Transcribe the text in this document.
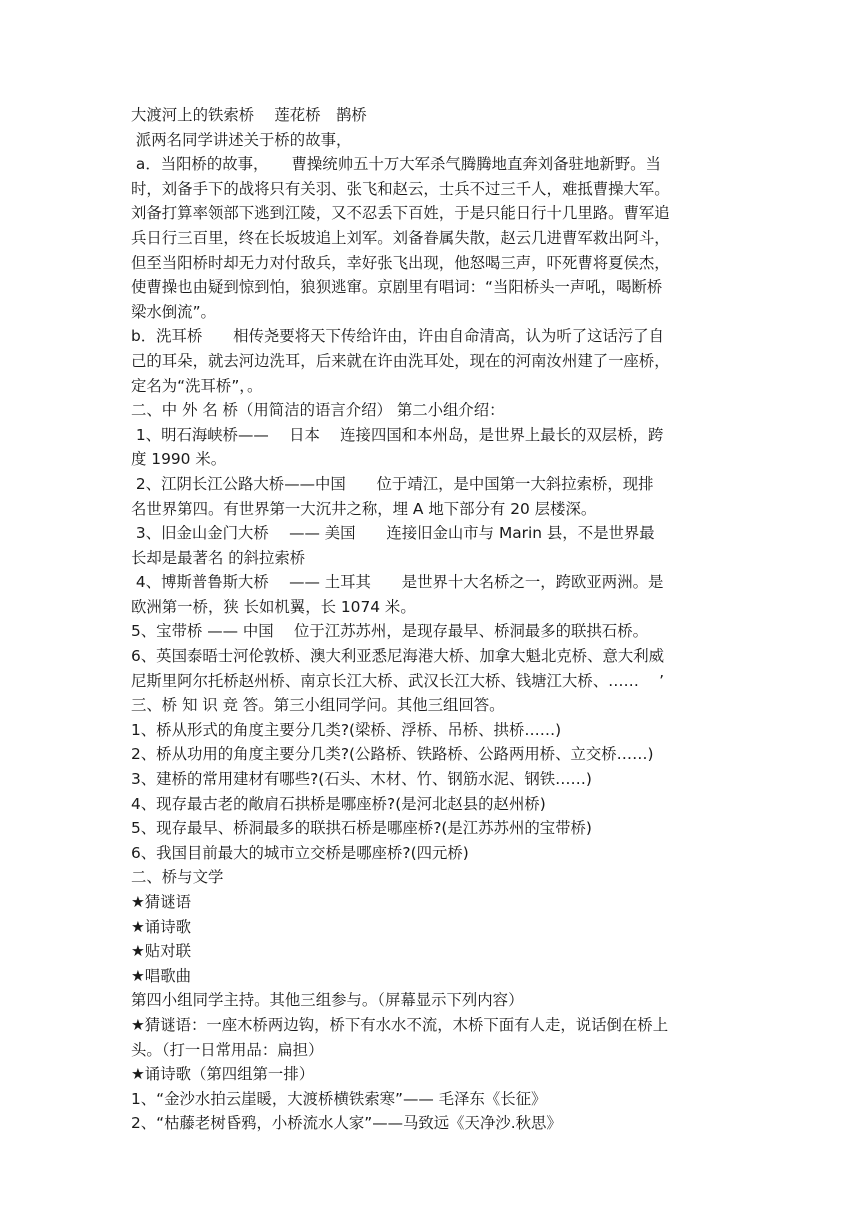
大渡河上的铁索桥　 莲花桥　鹊桥
派两名同学讲述关于桥的故事，
a．当阳桥的故事，　　曹操统帅五十万大军杀气腾腾地直奔刘备驻地新野。当
时，刘备手下的战将只有关羽、张飞和赵云，士兵不过三千人，难抵曹操大军。
刘备打算率领部下逃到江陵，又不忍丢下百姓，于是只能日行十几里路。曹军追
兵日行三百里，终在长坂坡追上刘军。刘备眷属失散，赵云几进曹军救出阿斗，
但至当阳桥时却无力对付敌兵，幸好张飞出现，他怒喝三声，吓死曹将夏侯杰，
使曹操也由疑到惊到怕，狼狈逃窜。京剧里有唱词：“当阳桥头一声吼，喝断桥
梁水倒流”。
b．洗耳桥　　相传尧要将天下传给许由，许由自命清高，认为听了这话污了自
己的耳朵，就去河边洗耳，后来就在许由洗耳处，现在的河南汝州建了一座桥，
定名为“洗耳桥”，。
二、中 外 名 桥（用简洁的语言介绍） 第二小组介绍：
1、明石海峡桥——　 日本　 连接四国和本州岛，是世界上最长的双层桥，跨
度 1990 米。
2、江阴长江公路大桥——中国　　位于靖江，是中国第一大斜拉索桥，现排
名世界第四。有世界第一大沉井之称，埋 A 地下部分有 20 层楼深。
3、旧金山金门大桥　 —— 美国　　连接旧金山市与 Marin 县，不是世界最
长却是最著名 的斜拉索桥
4、博斯普鲁斯大桥　 —— 土耳其　　是世界十大名桥之一，跨欧亚两洲。是
欧洲第一桥，狭 长如机翼，长 1074 米。
5、宝带桥 —— 中国　 位于江苏苏州，是现存最早、桥洞最多的联拱石桥。
6、英国泰晤士河伦敦桥、澳大利亚悉尼海港大桥、加拿大魁北克桥、意大利威
尼斯里阿尔托桥赵州桥、南京长江大桥、武汉长江大桥、钱塘江大桥、……　 ’
三、桥 知 识 竞 答。第三小组同学问。其他三组回答。
1、桥从形式的角度主要分几类?(梁桥、浮桥、吊桥、拱桥……)
2、桥从功用的角度主要分几类?(公路桥、铁路桥、公路两用桥、立交桥……)
3、建桥的常用建材有哪些?(石头、木材、竹、钢筋水泥、钢铁……)
4、现存最古老的敞肩石拱桥是哪座桥?(是河北赵县的赵州桥)
5、现存最早、桥洞最多的联拱石桥是哪座桥?(是江苏苏州的宝带桥)
6、我国目前最大的城市立交桥是哪座桥?(四元桥)
二、桥与文学
★猜谜语
★诵诗歌
★贴对联
★唱歌曲
第四小组同学主持。其他三组参与。（屏幕显示下列内容）
★猜谜语：一座木桥两边钩，桥下有水水不流，木桥下面有人走，说话倒在桥上
头。（打一日常用品：扁担）
★诵诗歌（第四组第一排）
1、“金沙水拍云崖暖，大渡桥横铁索寒”—— 毛泽东《长征》
2、“枯藤老树昏鸦，小桥流水人家”——马致远《天净沙.秋思》
